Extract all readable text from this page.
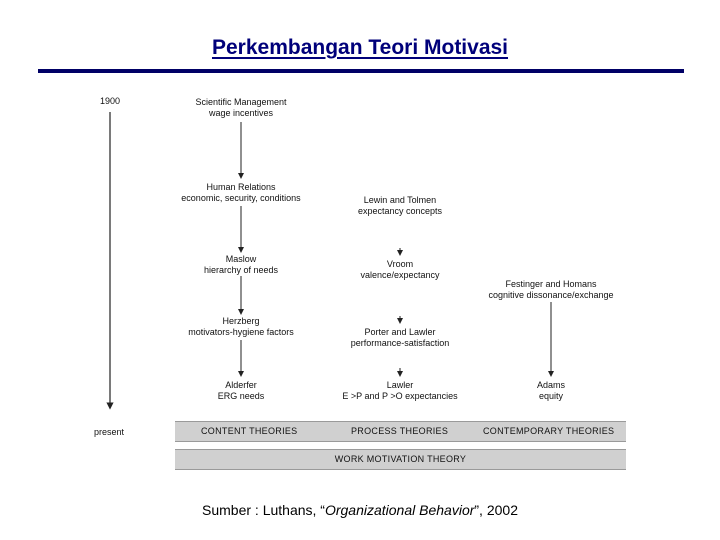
Perkembangan Teori Motivasi
1900
present
Scientific Management
wage incentives
Human Relations
economic, security, conditions
Maslow
hierarchy of needs
Herzberg
motivators-hygiene factors
Alderfer
ERG needs
Lewin and Tolmen
expectancy concepts
Vroom
valence/expectancy
Porter and Lawler
performance-satisfaction
Lawler
E >P and P >O expectancies
Festinger and Homans
cognitive dissonance/exchange
Adams
equity
CONTENT THEORIES	PROCESS THEORIES	CONTEMPORARY THEORIES
WORK MOTIVATION THEORY
Sumber : Luthans, “Organizational Behavior”, 2002
